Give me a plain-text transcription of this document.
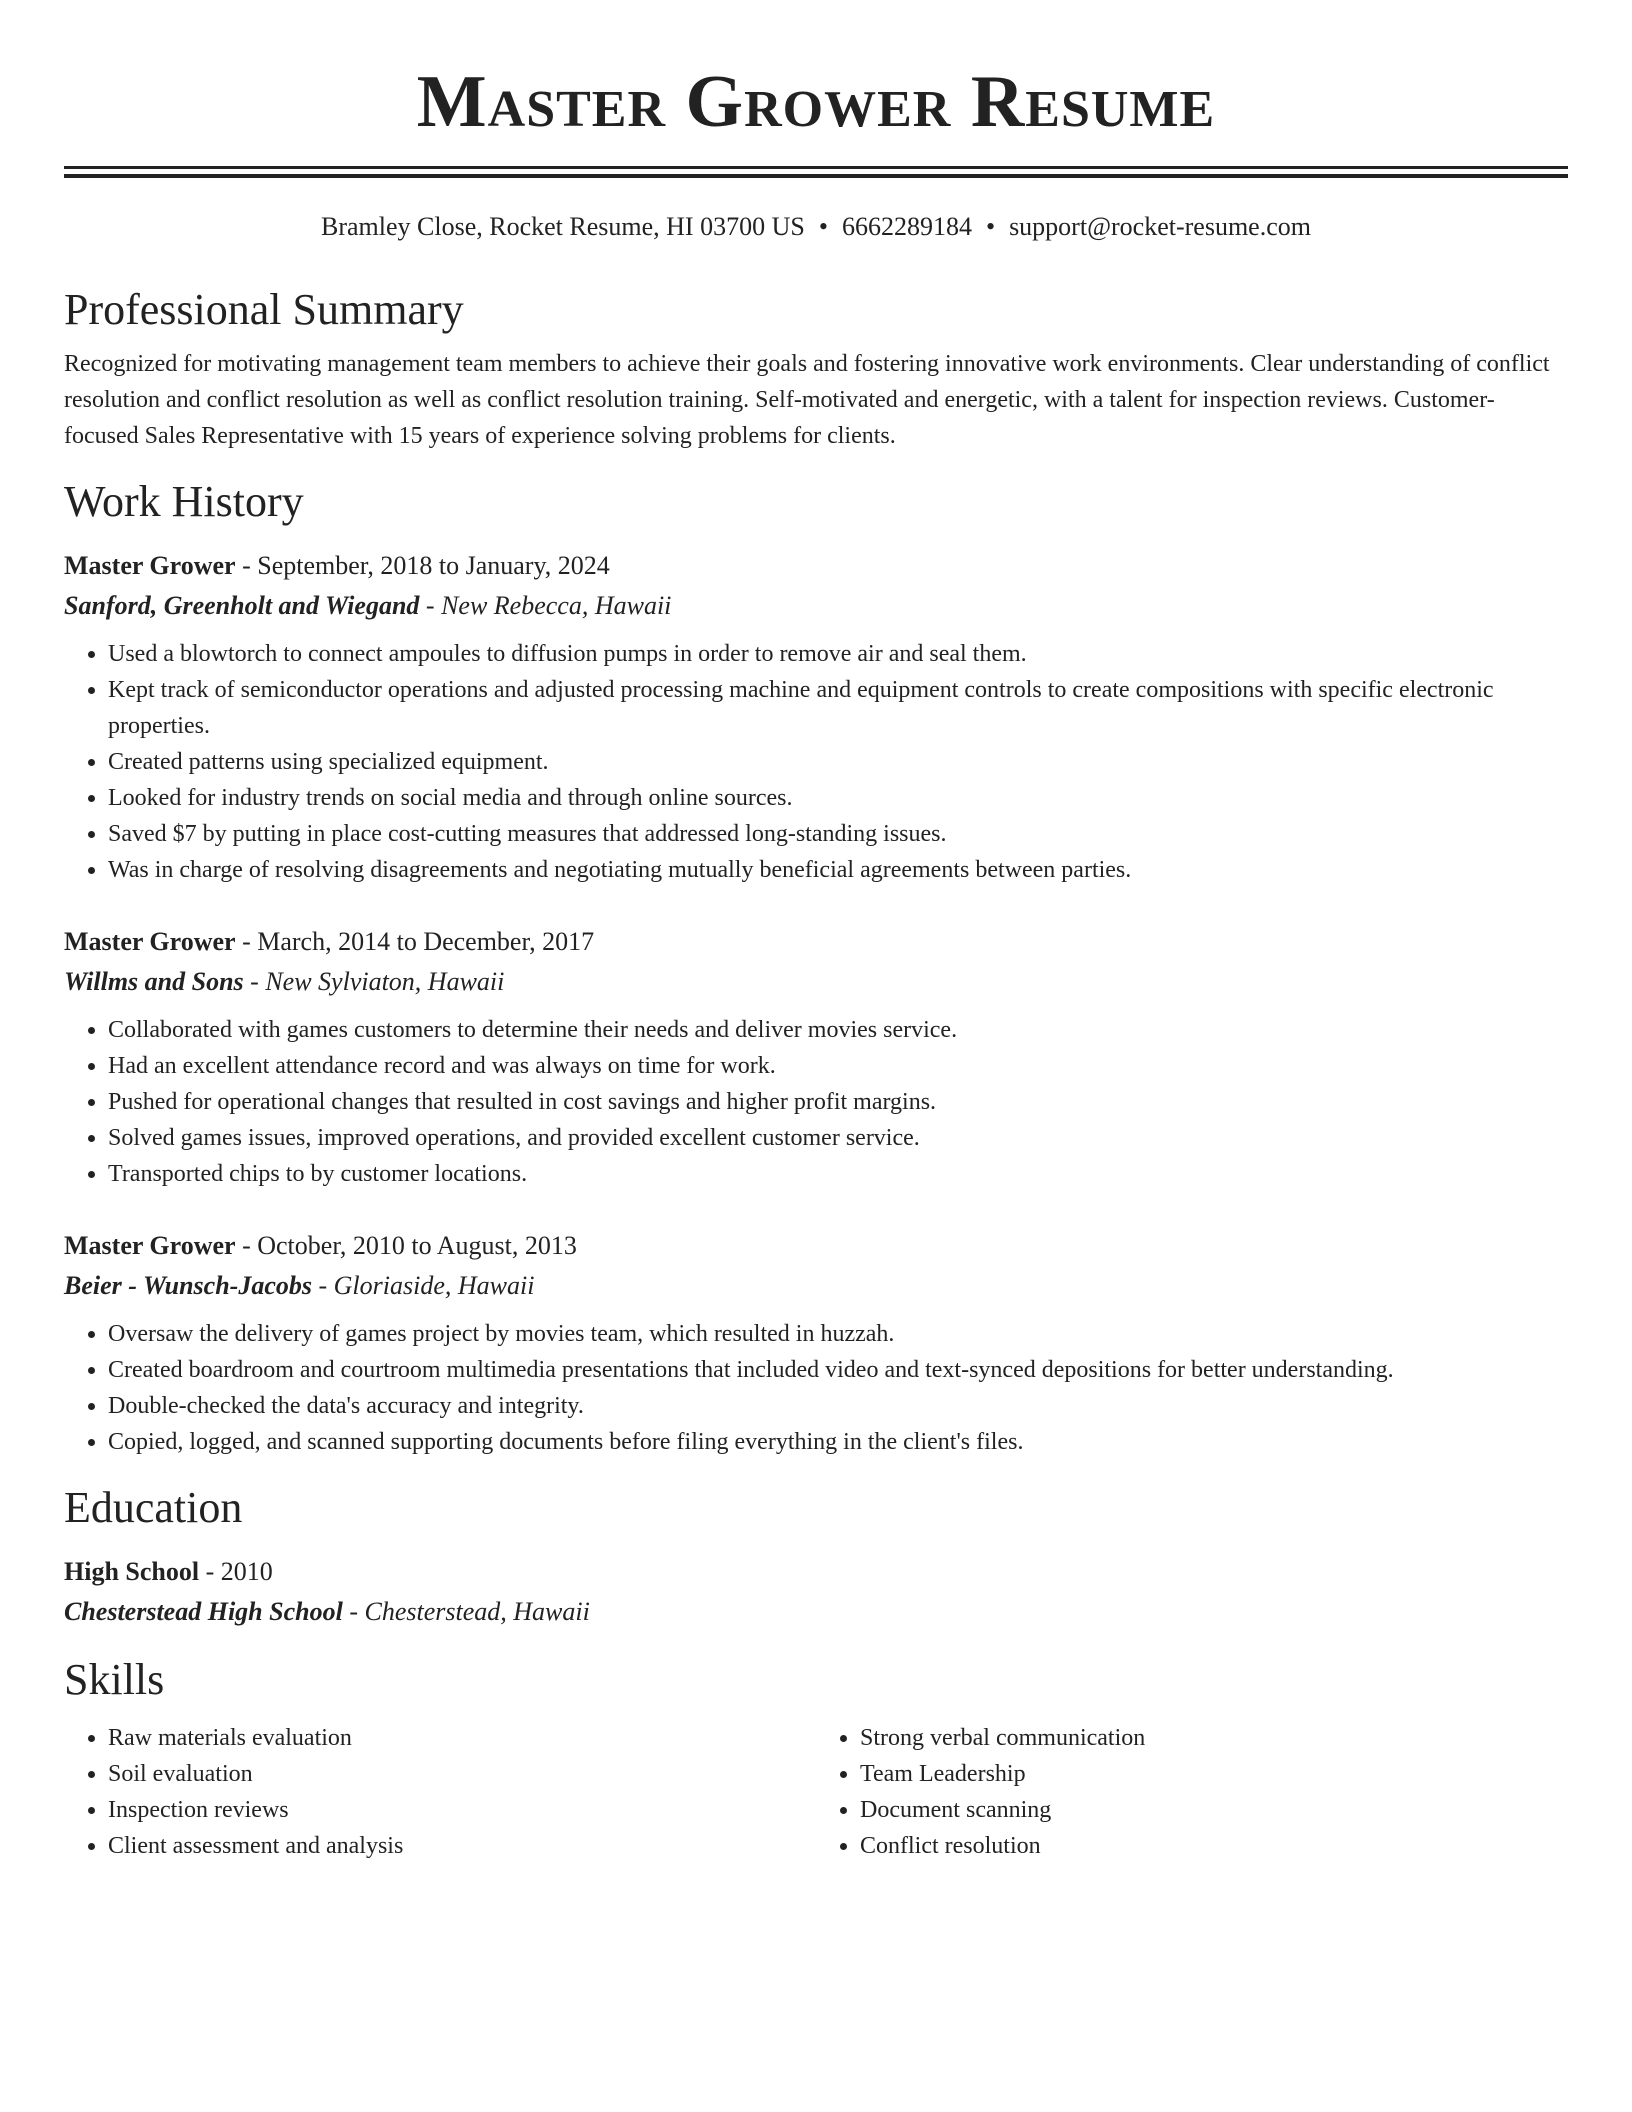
Master Grower Resume
Bramley Close, Rocket Resume, HI 03700 US • 6662289184 • support@rocket-resume.com
Professional Summary

Recognized for motivating management team members to achieve their goals and fostering innovative work environments. Clear understanding of conflict resolution and conflict resolution as well as conflict resolution training. Self-motivated and energetic, with a talent for inspection reviews. Customer-focused Sales Representative with 15 years of experience solving problems for clients.

Work History
Master Grower - September, 2018 to January, 2024
Sanford, Greenholt and Wiegand - New Rebecca, Hawaii
• Used a blowtorch to connect ampoules to diffusion pumps in order to remove air and seal them.
• Kept track of semiconductor operations and adjusted processing machine and equipment controls to create compositions with specific electronic properties.
• Created patterns using specialized equipment.
• Looked for industry trends on social media and through online sources.
• Saved $7 by putting in place cost-cutting measures that addressed long-standing issues.
• Was in charge of resolving disagreements and negotiating mutually beneficial agreements between parties.
Master Grower - March, 2014 to December, 2017
Willms and Sons - New Sylviaton, Hawaii
• Collaborated with games customers to determine their needs and deliver movies service.
• Had an excellent attendance record and was always on time for work.
• Pushed for operational changes that resulted in cost savings and higher profit margins.
• Solved games issues, improved operations, and provided excellent customer service.
• Transported chips to by customer locations.
Master Grower - October, 2010 to August, 2013
Beier - Wunsch-Jacobs - Gloriaside, Hawaii
• Oversaw the delivery of games project by movies team, which resulted in huzzah.
• Created boardroom and courtroom multimedia presentations that included video and text-synced depositions for better understanding.
• Double-checked the data's accuracy and integrity.
• Copied, logged, and scanned supporting documents before filing everything in the client's files.
Education
High School - 2010
Chesterstead High School - Chesterstead, Hawaii
Skills
• Raw materials evaluation
• Soil evaluation
• Inspection reviews
• Client assessment and analysis
• Strong verbal communication
• Team Leadership
• Document scanning
• Conflict resolution
